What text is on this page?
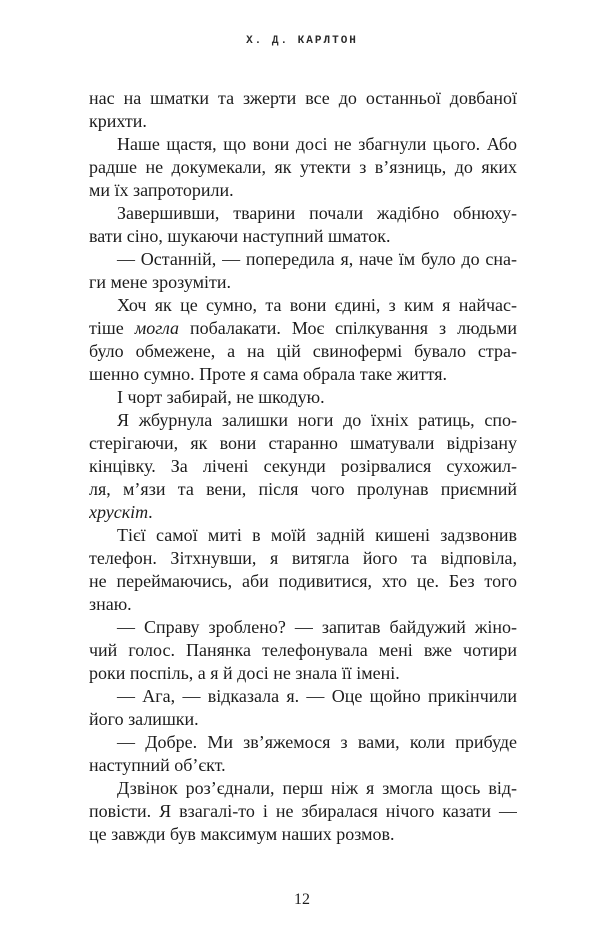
Х. Д. КАРЛТОН
нас на шматки та зжерти все до останньої довбаної
крихти.
Наше щастя, що вони досі не збагнули цього. Або
радше не докумекали, як утекти з в’язниць, до яких
ми їх запроторили.
Завершивши, тварини почали жадібно обнюху-
вати сіно, шукаючи наступний шматок.
— Останній, — попередила я, наче їм було до сна-
ги мене зрозуміти.
Хоч як це сумно, та вони єдині, з ким я найчас-
тіше могла побалакати. Моє спілкування з людьми
було обмежене, а на цій свинофермі бувало стра-
шенно сумно. Проте я сама обрала таке життя.
І чорт забирай, не шкодую.
Я жбурнула залишки ноги до їхніх ратиць, спо-
стерігаючи, як вони старанно шматували відрізану
кінцівку. За лічені секунди розірвалися сухожил-
ля, м’язи та вени, після чого пролунав приємний
хрускіт.
Тієї самої миті в моїй задній кишені задзвонив
телефон. Зітхнувши, я витягла його та відповіла,
не переймаючись, аби подивитися, хто це. Без того
знаю.
— Справу зроблено? — запитав байдужий жіно-
чий голос. Панянка телефонувала мені вже чотири
роки поспіль, а я й досі не знала її імені.
— Ага, — відказала я. — Оце щойно прикінчили
його залишки.
— Добре. Ми зв’яжемося з вами, коли прибуде
наступний об’єкт.
Дзвінок роз’єднали, перш ніж я змогла щось від-
повісти. Я взагалі-то і не збиралася нічого казати —
це завжди був максимум наших розмов.
12
